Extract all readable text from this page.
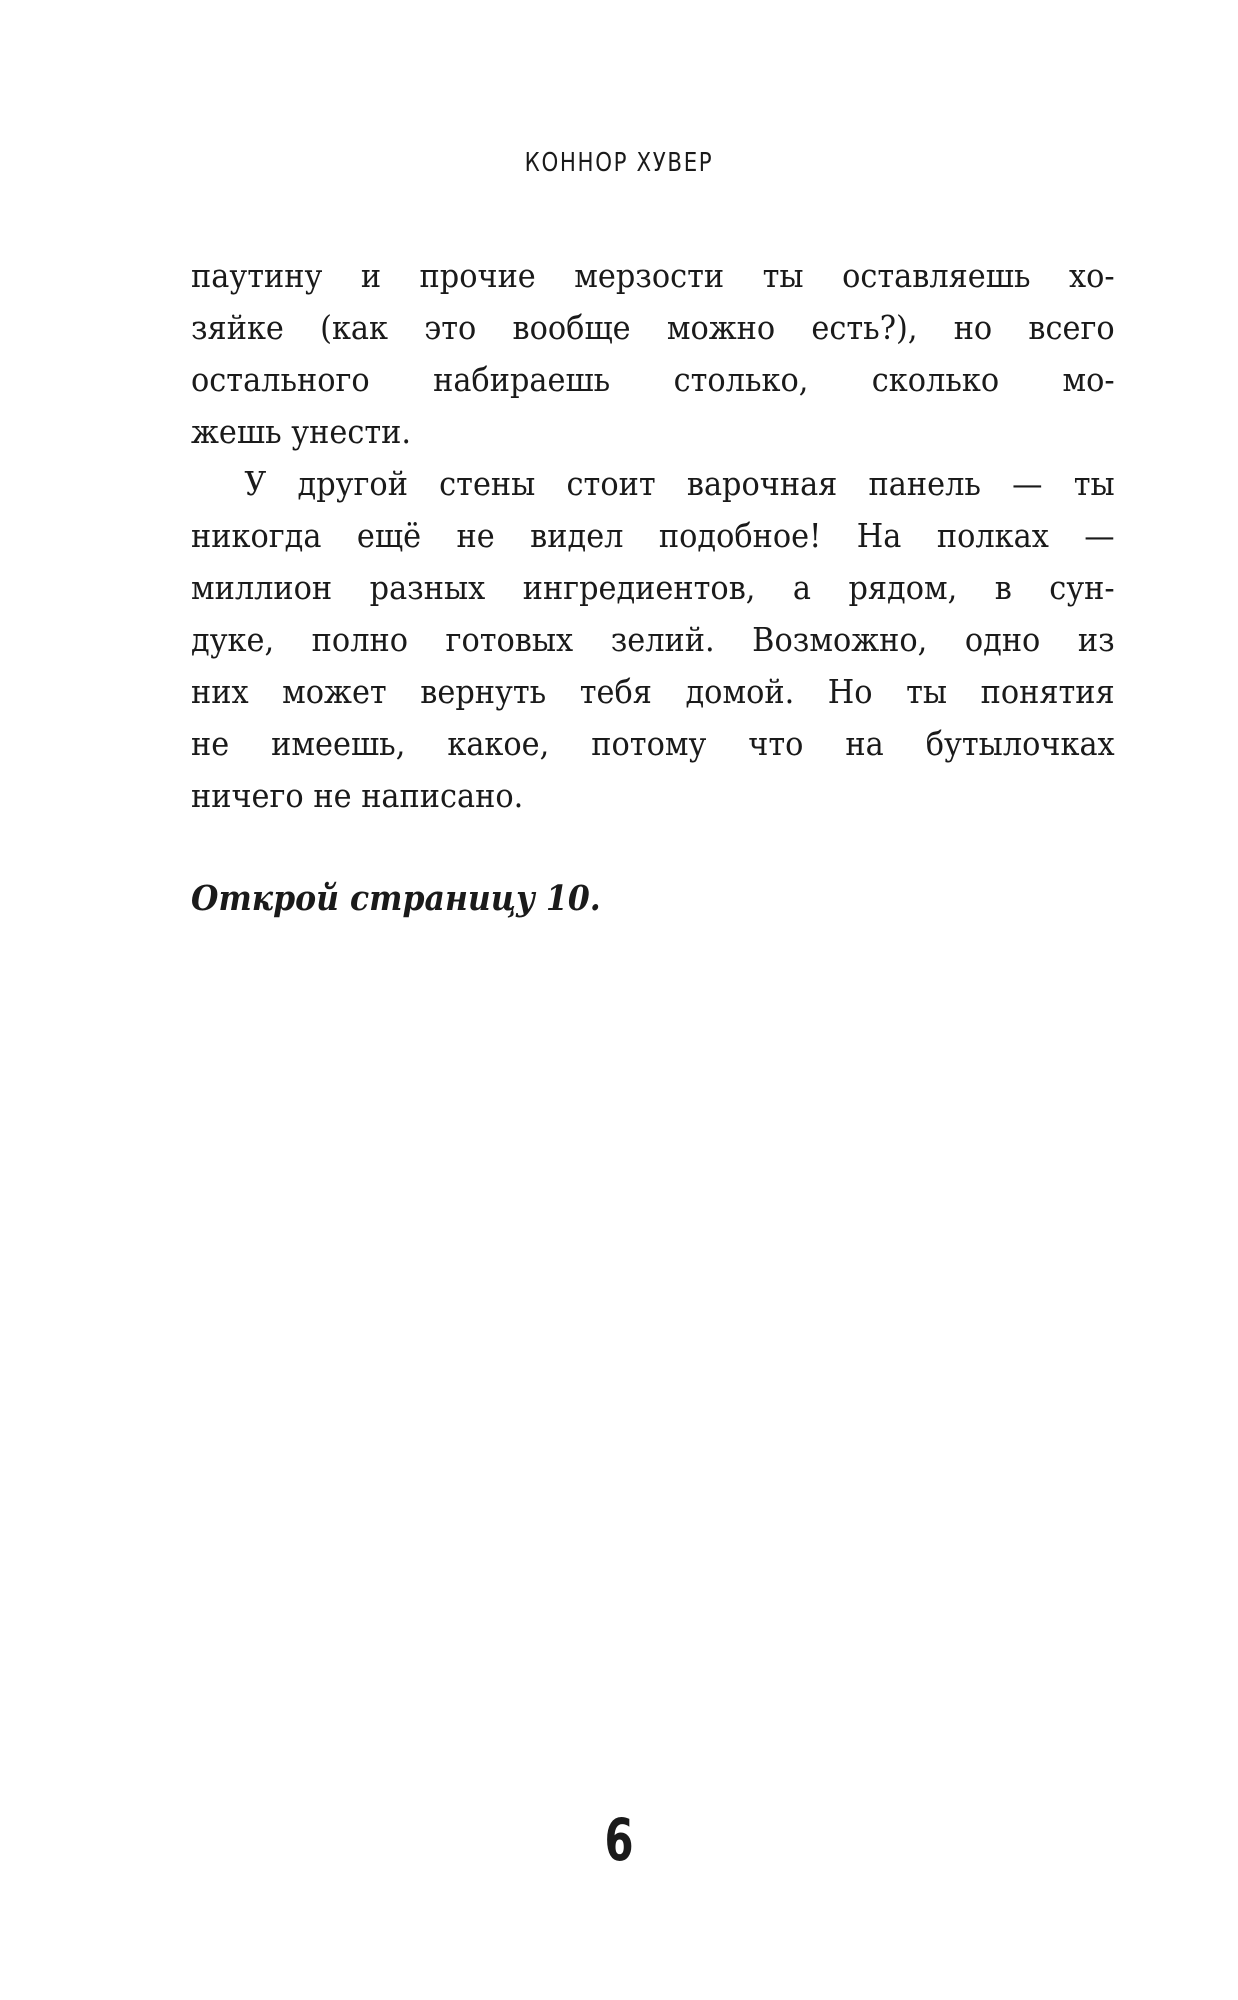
КОННОР ХУВЕР
паутину и прочие мерзости ты оставляешь хо-
зяйке (как это вообще можно есть?), но всего
остального набираешь столько, сколько мо-
жешь унести.
У другой стены стоит варочная панель — ты
никогда ещё не видел подобное! На полках —
миллион разных ингредиентов, а рядом, в сун-
дуке, полно готовых зелий. Возможно, одно из
них может вернуть тебя домой. Но ты понятия
не имеешь, какое, потому что на бутылочках
ничего не написано.
Открой страницу 10.
6
